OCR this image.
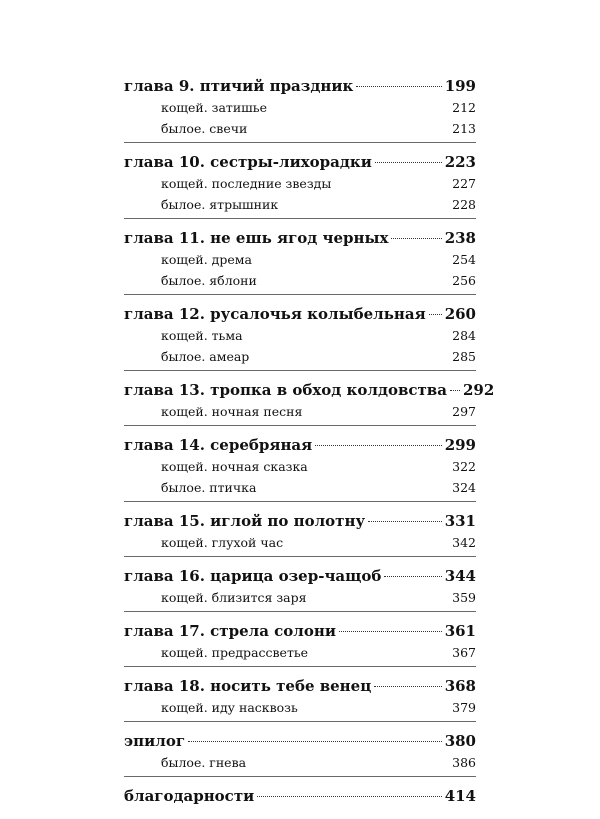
глава 9. птичий праздник	199
кощей. затишье	212
былое. свечи	213
глава 10. сестры-лихорадки	223
кощей. последние звезды	227
былое. ятрышник	228
глава 11. не ешь ягод черных	238
кощей. дрема	254
былое. яблони	256
глава 12. русалочья колыбельная 260
кощей. тьма	284
былое. амеар	285
глава 13. тропка в обход колдовства 292
кощей. ночная песня	297
глава 14. серебряная	299
кощей. ночная сказка	322
былое. птичка	324
глава 15. иглой по полотну	331
кощей. глухой час	342
глава 16. царица озер-чащоб	344
кощей. близится заря	359
глава 17. стрела солони	361
кощей. предрассветье	367
глава 18. носить тебе венец	368
кощей. иду насквозь	379
эпилог	380
былое. гнева	386
благодарности	414
